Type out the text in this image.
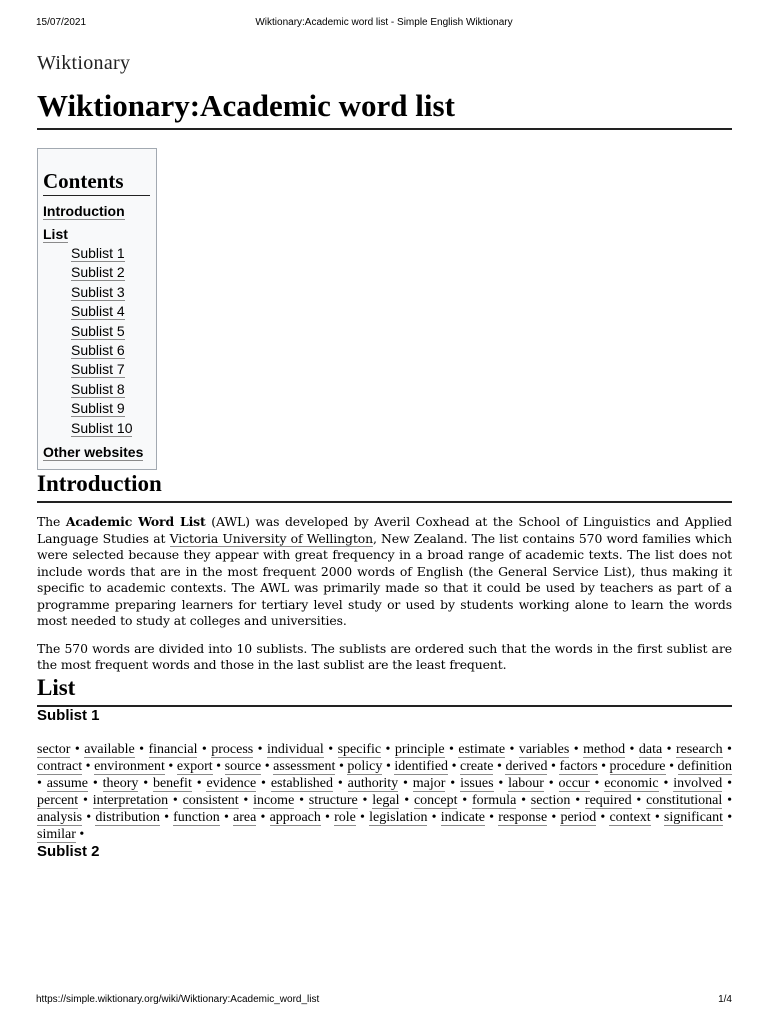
15/07/2021	Wiktionary:Academic word list - Simple English Wiktionary
Wiktionary
Wiktionary:Academic word list
Contents
Introduction
List
Sublist 1
Sublist 2
Sublist 3
Sublist 4
Sublist 5
Sublist 6
Sublist 7
Sublist 8
Sublist 9
Sublist 10
Other websites
Introduction

The Academic Word List (AWL) was developed by Averil Coxhead at the School of Linguistics and Applied Language Studies at Victoria University of Wellington, New Zealand. The list contains 570 word families which were selected because they appear with great frequency in a broad range of academic texts. The list does not include words that are in the most frequent 2000 words of English (the General Service List), thus making it specific to academic contexts. The AWL was primarily made so that it could be used by teachers as part of a programme preparing learners for tertiary level study or used by students working alone to learn the words most needed to study at colleges and universities.

The 570 words are divided into 10 sublists. The sublists are ordered such that the words in the first sublist are the most frequent words and those in the last sublist are the least frequent.

List
Sublist 1
sector • available • financial • process • individual • specific • principle • estimate • variables • method • data • research • contract • environment • export • source • assessment • policy • identified • create • derived • factors • procedure • definition • assume • theory • benefit • evidence • established • authority • major • issues • labour • occur • economic • involved • percent • interpretation • consistent • income • structure • legal • concept • formula • section • required • constitutional • analysis • distribution • function • area • approach • role • legislation • indicate • response • period • context • significant • similar •
Sublist 2
https://simple.wiktionary.org/wiki/Wiktionary:Academic_word_list	1/4
